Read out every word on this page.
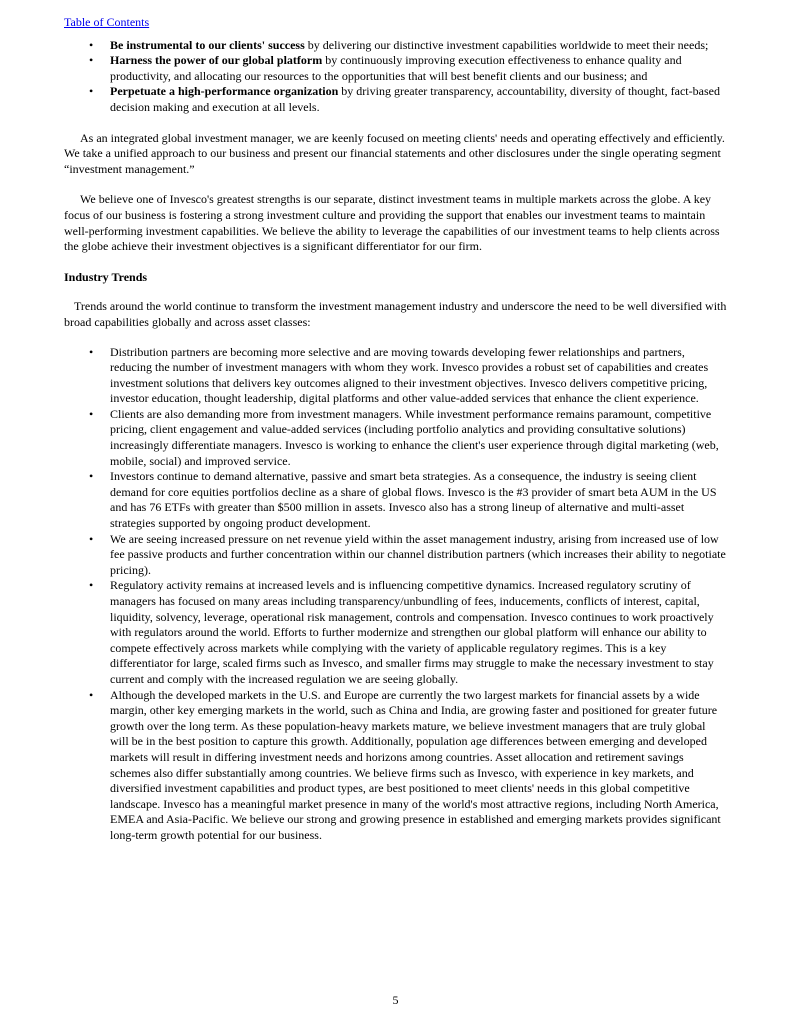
Table of Contents
• Be instrumental to our clients' success by delivering our distinctive investment capabilities worldwide to meet their needs;
• Harness the power of our global platform by continuously improving execution effectiveness to enhance quality and productivity, and allocating our resources to the opportunities that will best benefit clients and our business; and
• Perpetuate a high-performance organization by driving greater transparency, accountability, diversity of thought, fact-based decision making and execution at all levels.

As an integrated global investment manager, we are keenly focused on meeting clients' needs and operating effectively and efficiently. We take a unified approach to our business and present our financial statements and other disclosures under the single operating segment “investment management.”

We believe one of Invesco's greatest strengths is our separate, distinct investment teams in multiple markets across the globe. A key focus of our business is fostering a strong investment culture and providing the support that enables our investment teams to maintain well-performing investment capabilities. We believe the ability to leverage the capabilities of our investment teams to help clients across the globe achieve their investment objectives is a significant differentiator for our firm.

Industry Trends

Trends around the world continue to transform the investment management industry and underscore the need to be well diversified with broad capabilities globally and across asset classes:

• Distribution partners are becoming more selective and are moving towards developing fewer relationships and partners, reducing the number of investment managers with whom they work. Invesco provides a robust set of capabilities and creates investment solutions that delivers key outcomes aligned to their investment objectives. Invesco delivers competitive pricing, investor education, thought leadership, digital platforms and other value-added services that enhance the client experience.
• Clients are also demanding more from investment managers. While investment performance remains paramount, competitive pricing, client engagement and value-added services (including portfolio analytics and providing consultative solutions) increasingly differentiate managers. Invesco is working to enhance the client's user experience through digital marketing (web, mobile, social) and improved service.
• Investors continue to demand alternative, passive and smart beta strategies. As a consequence, the industry is seeing client demand for core equities portfolios decline as a share of global flows. Invesco is the #3 provider of smart beta AUM in the US and has 76 ETFs with greater than $500 million in assets. Invesco also has a strong lineup of alternative and multi-asset strategies supported by ongoing product development.
• We are seeing increased pressure on net revenue yield within the asset management industry, arising from increased use of low fee passive products and further concentration within our channel distribution partners (which increases their ability to negotiate pricing).
• Regulatory activity remains at increased levels and is influencing competitive dynamics. Increased regulatory scrutiny of managers has focused on many areas including transparency/unbundling of fees, inducements, conflicts of interest, capital, liquidity, solvency, leverage, operational risk management, controls and compensation. Invesco continues to work proactively with regulators around the world. Efforts to further modernize and strengthen our global platform will enhance our ability to compete effectively across markets while complying with the variety of applicable regulatory regimes. This is a key differentiator for large, scaled firms such as Invesco, and smaller firms may struggle to make the necessary investment to stay current and comply with the increased regulation we are seeing globally.
• Although the developed markets in the U.S. and Europe are currently the two largest markets for financial assets by a wide margin, other key emerging markets in the world, such as China and India, are growing faster and positioned for greater future growth over the long term. As these population-heavy markets mature, we believe investment managers that are truly global will be in the best position to capture this growth. Additionally, population age differences between emerging and developed markets will result in differing investment needs and horizons among countries. Asset allocation and retirement savings schemes also differ substantially among countries. We believe firms such as Invesco, with experience in key markets, and diversified investment capabilities and product types, are best positioned to meet clients' needs in this global competitive landscape. Invesco has a meaningful market presence in many of the world's most attractive regions, including North America, EMEA and Asia-Pacific. We believe our strong and growing presence in established and emerging markets provides significant long-term growth potential for our business.
5
